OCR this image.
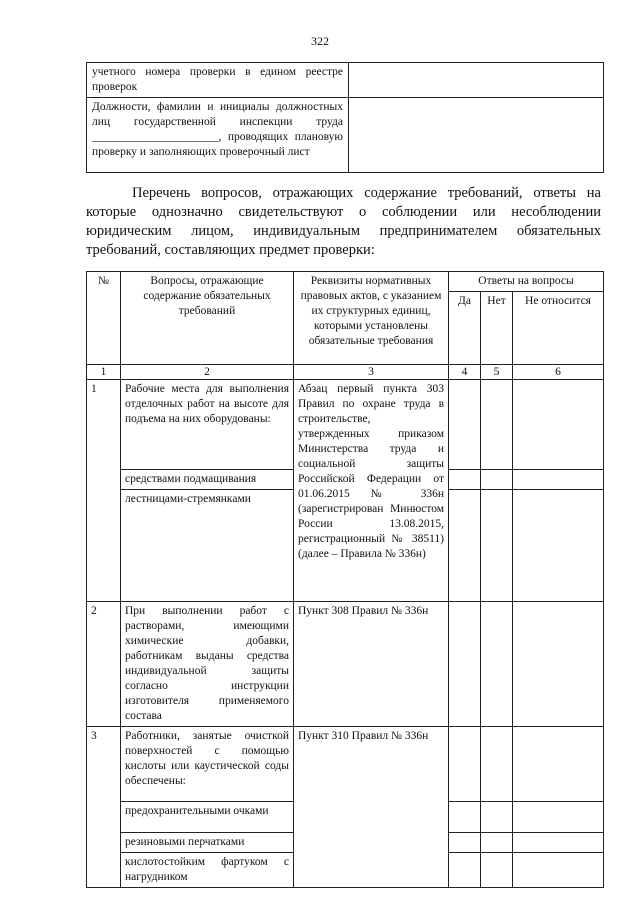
322
учетного номера проверки в едином реестре проверок	
Должности, фамилии и инициалы должностных лиц государственной инспекции труда ______________________, проводящих плановую проверку и заполняющих проверочный лист	
Перечень вопросов, отражающих содержание требований, ответы на которые однозначно свидетельствуют о соблюдении или несоблюдении юридическим лицом, индивидуальным предпринимателем обязательных требований, составляющих предмет проверки:
№	Вопросы, отражающие содержание обязательных требований	Реквизиты нормативных правовых актов, с указанием их структурных единиц, которыми установлены обязательные требования	Ответы на вопросы		
			Да	Нет	Не относится
1	2	3	4	5	6
1	Рабочие места для выполнения отделочных работ на высоте для подъема на них оборудованы:	Абзац первый пункта 303 Правил по охране труда в строительстве, утвержденных приказом Министерства труда и социальной защиты Российской Федерации от 01.06.2015 № 336н (зарегистрирован Минюстом России 13.08.2015, регистрационный № 38511) (далее – Правила № 336н)			
	средствами подмащивания				
	лестницами-стремянками				
2	При выполнении работ с растворами, имеющими химические добавки, работникам выданы средства индивидуальной защиты согласно инструкции изготовителя применяемого состава	Пункт 308 Правил № 336н			
3	Работники, занятые очисткой поверхностей с помощью кислоты или каустической соды обеспечены:	Пункт 310 Правил № 336н			
	предохранительными очками				
	резиновыми перчатками				
	кислотостойким фартуком с нагрудником				
